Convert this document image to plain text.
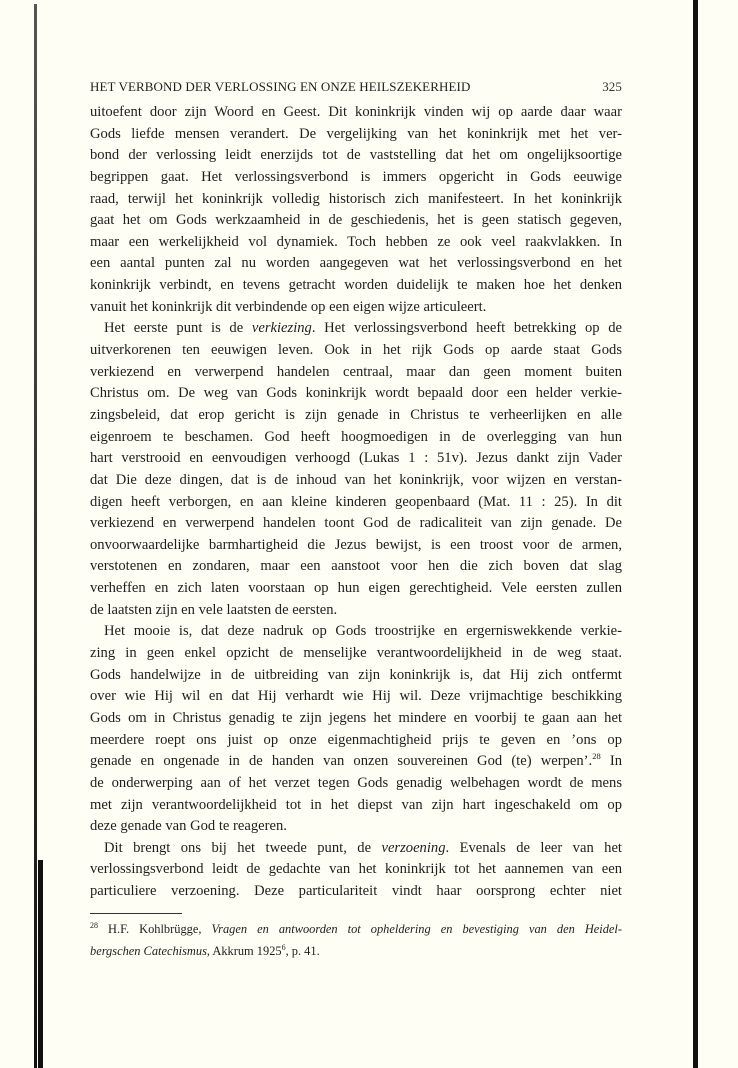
HET VERBOND DER VERLOSSING EN ONZE HEILSZEKERHEID	325
uitoefent door zijn Woord en Geest. Dit koninkrijk vinden wij op aarde daar waar
Gods liefde mensen verandert. De vergelijking van het koninkrijk met het ver-
bond der verlossing leidt enerzijds tot de vaststelling dat het om ongelijksoortige
begrippen gaat. Het verlossingsverbond is immers opgericht in Gods eeuwige
raad, terwijl het koninkrijk volledig historisch zich manifesteert. In het koninkrijk
gaat het om Gods werkzaamheid in de geschiedenis, het is geen statisch gegeven,
maar een werkelijkheid vol dynamiek. Toch hebben ze ook veel raakvlakken. In
een aantal punten zal nu worden aangegeven wat het verlossingsverbond en het
koninkrijk verbindt, en tevens getracht worden duidelijk te maken hoe het denken
vanuit het koninkrijk dit verbindende op een eigen wijze articuleert.
Het eerste punt is de verkiezing. Het verlossingsverbond heeft betrekking op de
uitverkorenen ten eeuwigen leven. Ook in het rijk Gods op aarde staat Gods
verkiezend en verwerpend handelen centraal, maar dan geen moment buiten
Christus om. De weg van Gods koninkrijk wordt bepaald door een helder verkie-
zingsbeleid, dat erop gericht is zijn genade in Christus te verheerlijken en alle
eigenroem te beschamen. God heeft hoogmoedigen in de overlegging van hun
hart verstrooid en eenvoudigen verhoogd (Lukas 1 : 51v). Jezus dankt zijn Vader
dat Die deze dingen, dat is de inhoud van het koninkrijk, voor wijzen en verstan-
digen heeft verborgen, en aan kleine kinderen geopenbaard (Mat. 11 : 25). In dit
verkiezend en verwerpend handelen toont God de radicaliteit van zijn genade. De
onvoorwaardelijke barmhartigheid die Jezus bewijst, is een troost voor de armen,
verstotenen en zondaren, maar een aanstoot voor hen die zich boven dat slag
verheffen en zich laten voorstaan op hun eigen gerechtigheid. Vele eersten zullen
de laatsten zijn en vele laatsten de eersten.
Het mooie is, dat deze nadruk op Gods troostrijke en ergerniswekkende verkie-
zing in geen enkel opzicht de menselijke verantwoordelijkheid in de weg staat.
Gods handelwijze in de uitbreiding van zijn koninkrijk is, dat Hij zich ontfermt
over wie Hij wil en dat Hij verhardt wie Hij wil. Deze vrijmachtige beschikking
Gods om in Christus genadig te zijn jegens het mindere en voorbij te gaan aan het
meerdere roept ons juist op onze eigenmachtigheid prijs te geven en ’ons op
genade en ongenade in de handen van onzen souvereinen God (te) werpen’.$^{28}$ In
de onderwerping aan of het verzet tegen Gods genadig welbehagen wordt de mens
met zijn verantwoordelijkheid tot in het diepst van zijn hart ingeschakeld om op
deze genade van God te reageren.
Dit brengt ons bij het tweede punt, de verzoening. Evenals de leer van het
verlossingsverbond leidt de gedachte van het koninkrijk tot het aannemen van een
particuliere verzoening. Deze particulariteit vindt haar oorsprong echter niet
$^{28}$ H.F. Kohlbrügge, Vragen en antwoorden tot opheldering en bevestiging van den Heidel-
bergschen Catechismus, Akkrum 1925$^6$, p. 41.
